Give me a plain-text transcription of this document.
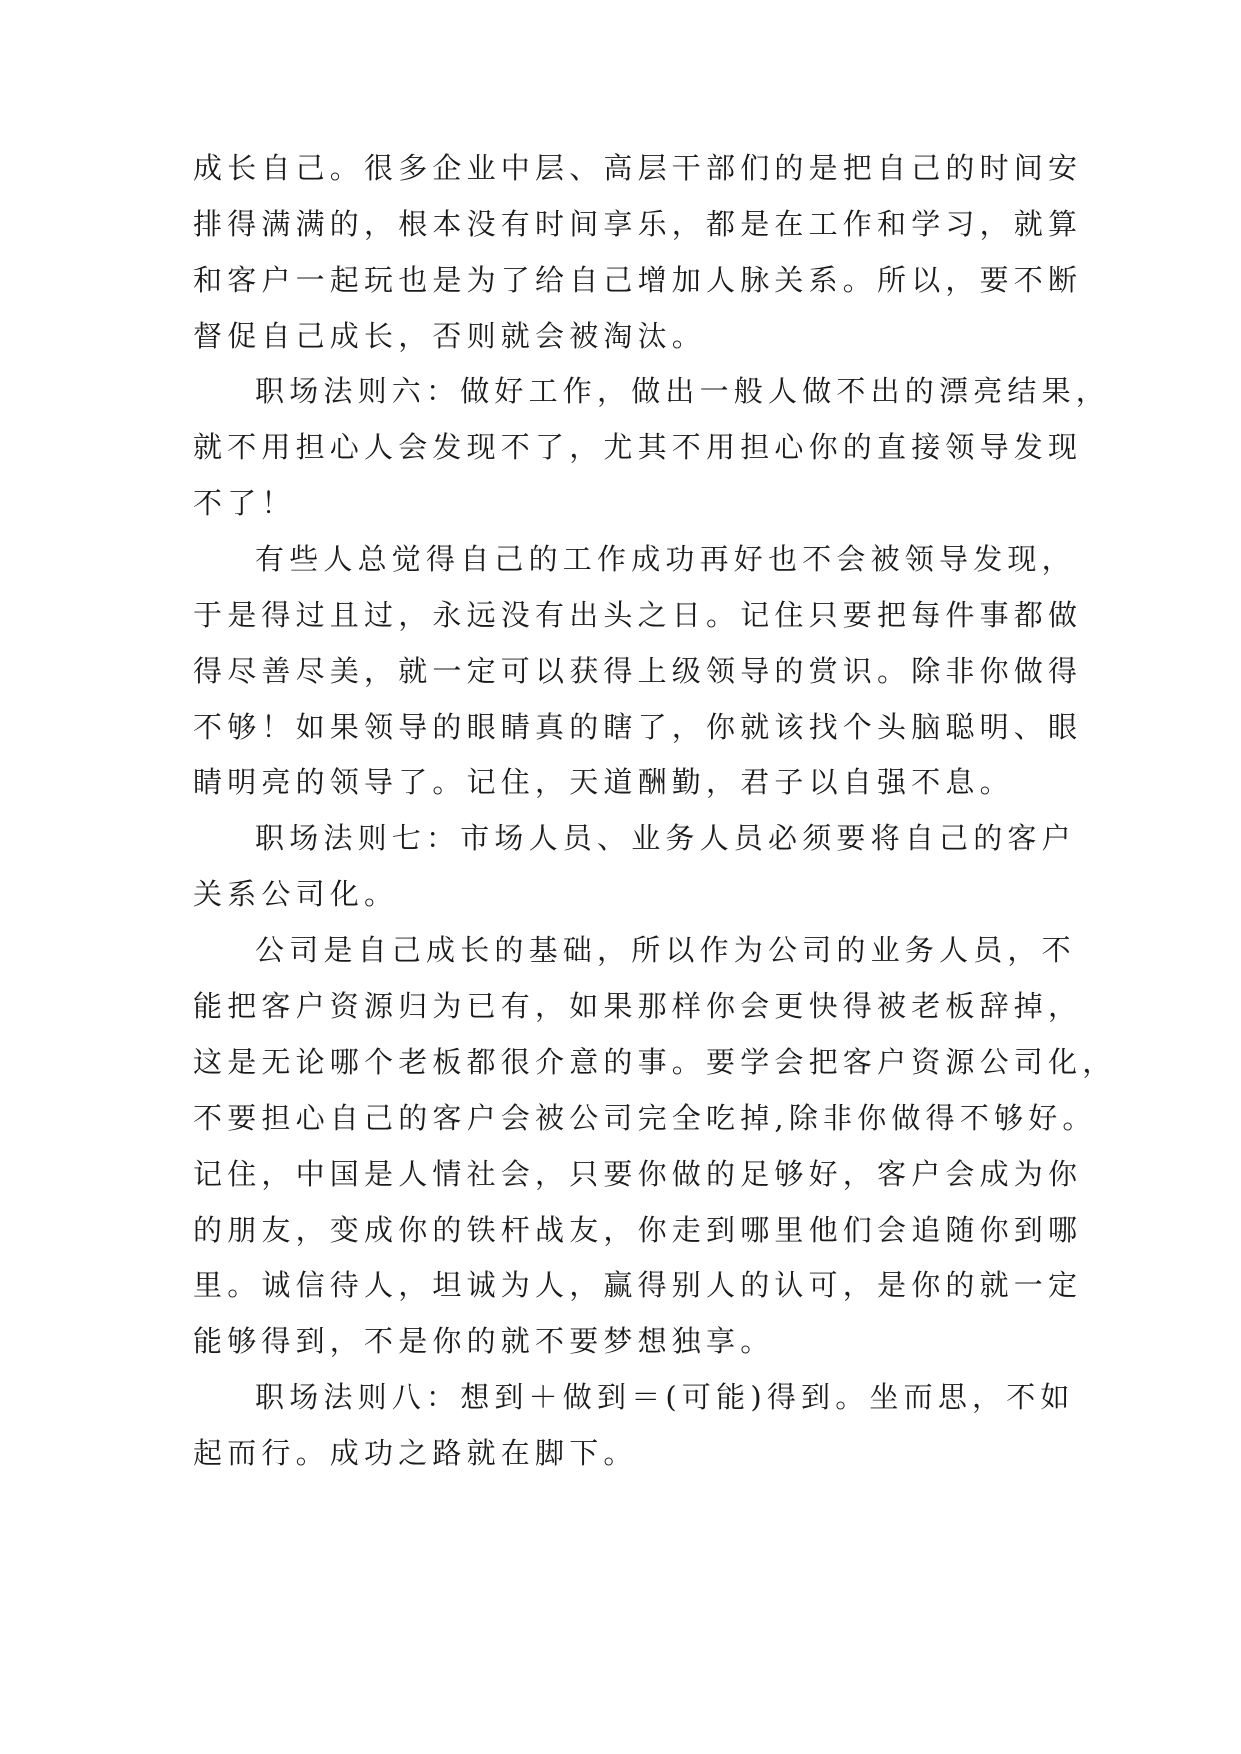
成长自己。很多企业中层、高层干部们的是把自己的时间安
排得满满的，根本没有时间享乐，都是在工作和学习，就算
和客户一起玩也是为了给自己增加人脉关系。所以，要不断
督促自己成长，否则就会被淘汰。
职场法则六：做好工作，做出一般人做不出的漂亮结果，
就不用担心人会发现不了，尤其不用担心你的直接领导发现
不了！
有些人总觉得自己的工作成功再好也不会被领导发现，
于是得过且过，永远没有出头之日。记住只要把每件事都做
得尽善尽美，就一定可以获得上级领导的赏识。除非你做得
不够！如果领导的眼睛真的瞎了，你就该找个头脑聪明、眼
睛明亮的领导了。记住，天道酬勤，君子以自强不息。
职场法则七：市场人员、业务人员必须要将自己的客户
关系公司化。
公司是自己成长的基础，所以作为公司的业务人员，不
能把客户资源归为已有，如果那样你会更快得被老板辞掉，
这是无论哪个老板都很介意的事。要学会把客户资源公司化，
不要担心自己的客户会被公司完全吃掉,除非你做得不够好。
记住，中国是人情社会，只要你做的足够好，客户会成为你
的朋友，变成你的铁杆战友，你走到哪里他们会追随你到哪
里。诚信待人，坦诚为人，赢得别人的认可，是你的就一定
能够得到，不是你的就不要梦想独享。
职场法则八：想到＋做到＝(可能)得到。坐而思，不如
起而行。成功之路就在脚下。
